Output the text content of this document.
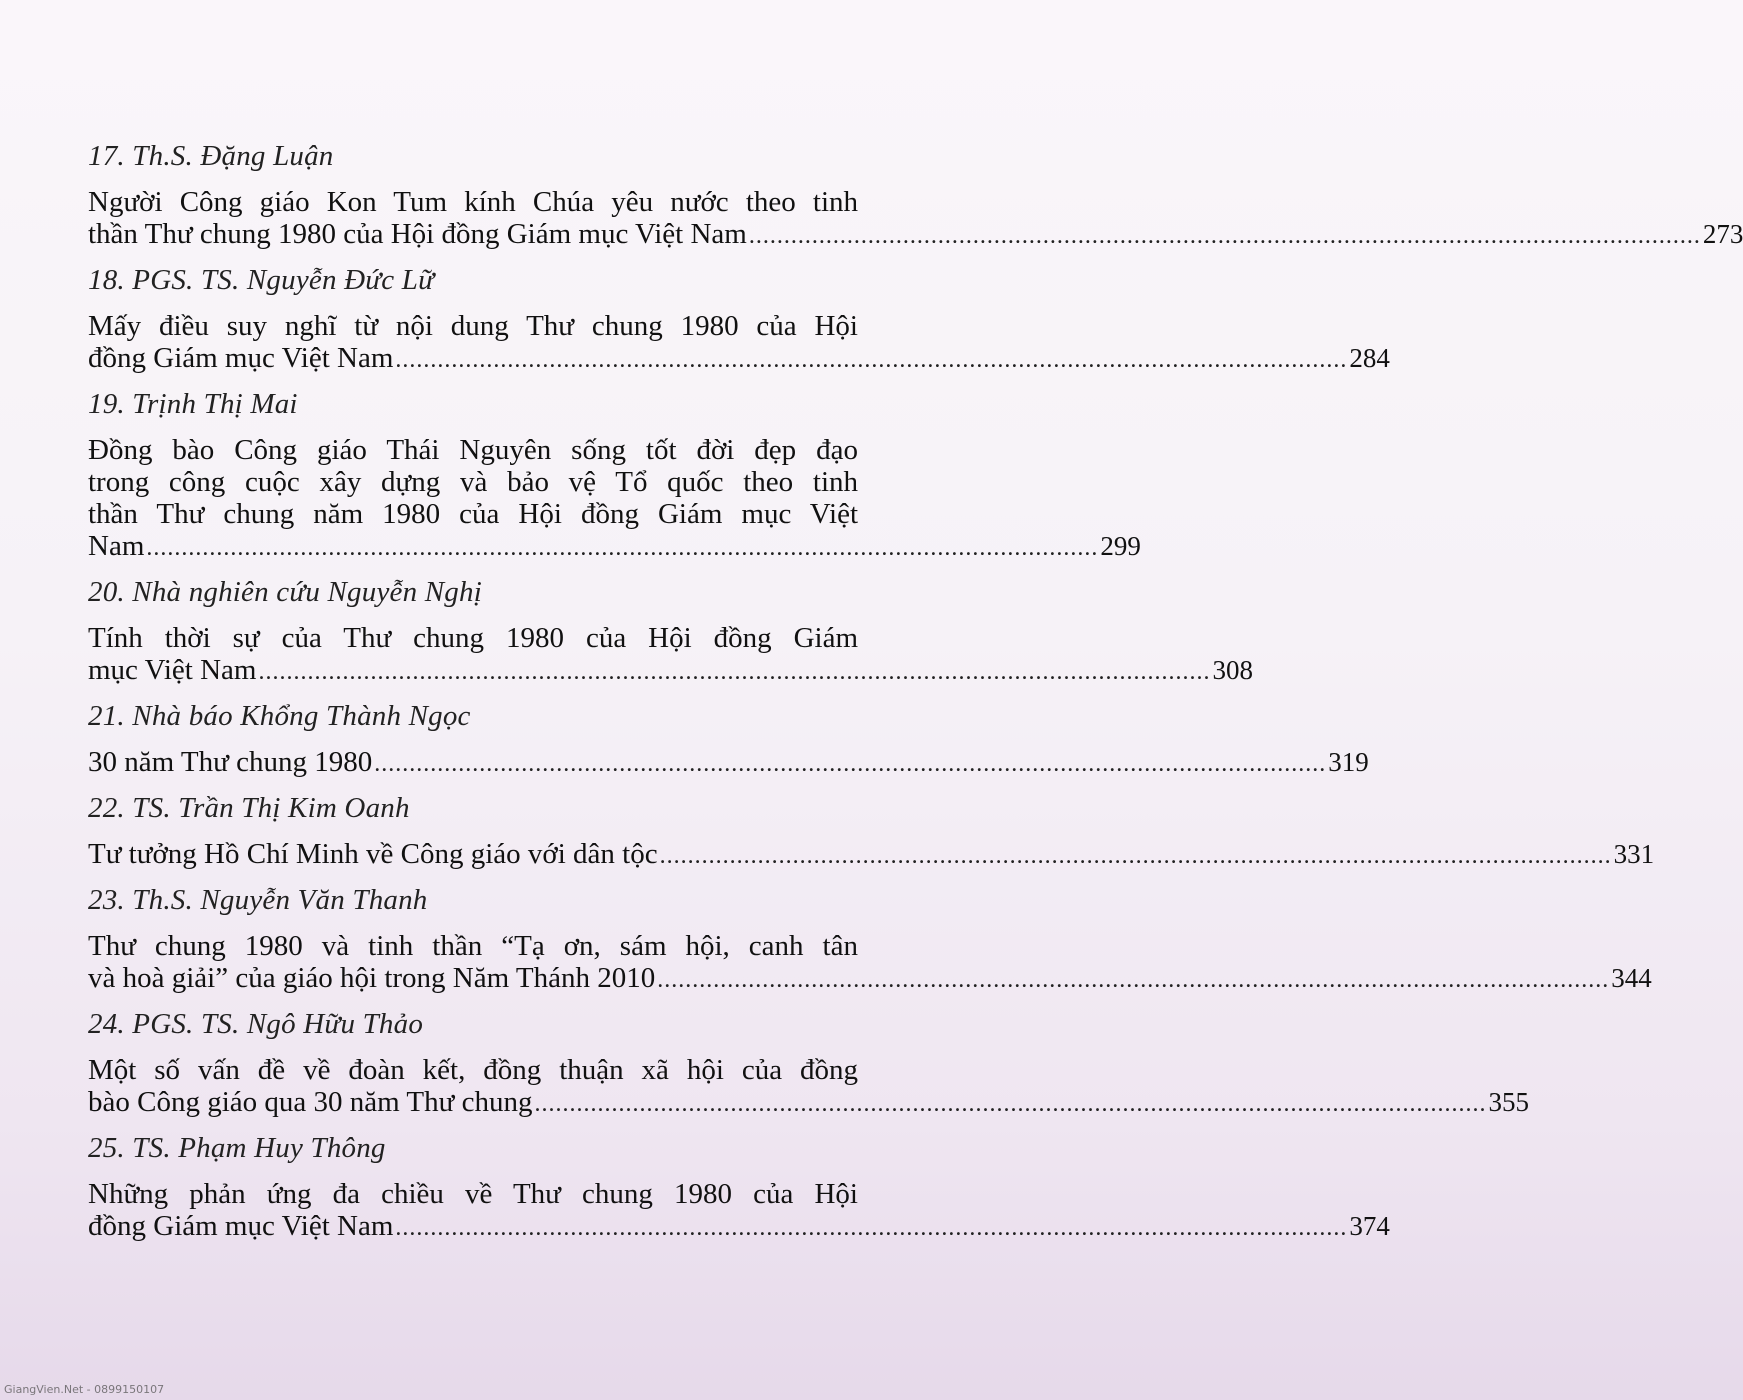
17. Th.S. Đặng Luận
Người Công giáo Kon Tum kính Chúa yêu nước theo tinh
thần Thư chung 1980 của Hội đồng Giám mục Việt Nam ........................................................................................................................................ 273
18. PGS. TS. Nguyễn Đức Lữ
Mấy điều suy nghĩ từ nội dung Thư chung 1980 của Hội
đồng Giám mục Việt Nam ........................................................................................................................................ 284
19. Trịnh Thị Mai
Đồng bào Công giáo Thái Nguyên sống tốt đời đẹp đạo
trong công cuộc xây dựng và bảo vệ Tổ quốc theo tinh
thần Thư chung năm 1980 của Hội đồng Giám mục Việt
Nam ........................................................................................................................................ 299
20. Nhà nghiên cứu Nguyễn Nghị
Tính thời sự của Thư chung 1980 của Hội đồng Giám
mục Việt Nam ........................................................................................................................................ 308
21. Nhà báo Khổng Thành Ngọc
30 năm Thư chung 1980 ........................................................................................................................................ 319
22. TS. Trần Thị Kim Oanh
Tư tưởng Hồ Chí Minh về Công giáo với dân tộc ........................................................................................................................................ 331
23. Th.S. Nguyễn Văn Thanh
Thư chung 1980 và tinh thần “Tạ ơn, sám hội, canh tân
và hoà giải” của giáo hội trong Năm Thánh 2010 ........................................................................................................................................ 344
24. PGS. TS. Ngô Hữu Thảo
Một số vấn đề về đoàn kết, đồng thuận xã hội của đồng
bào Công giáo qua 30 năm Thư chung ........................................................................................................................................ 355
25. TS. Phạm Huy Thông
Những phản ứng đa chiều về Thư chung 1980 của Hội
đồng Giám mục Việt Nam ........................................................................................................................................ 374
GiangVien.Net - 0899150107
